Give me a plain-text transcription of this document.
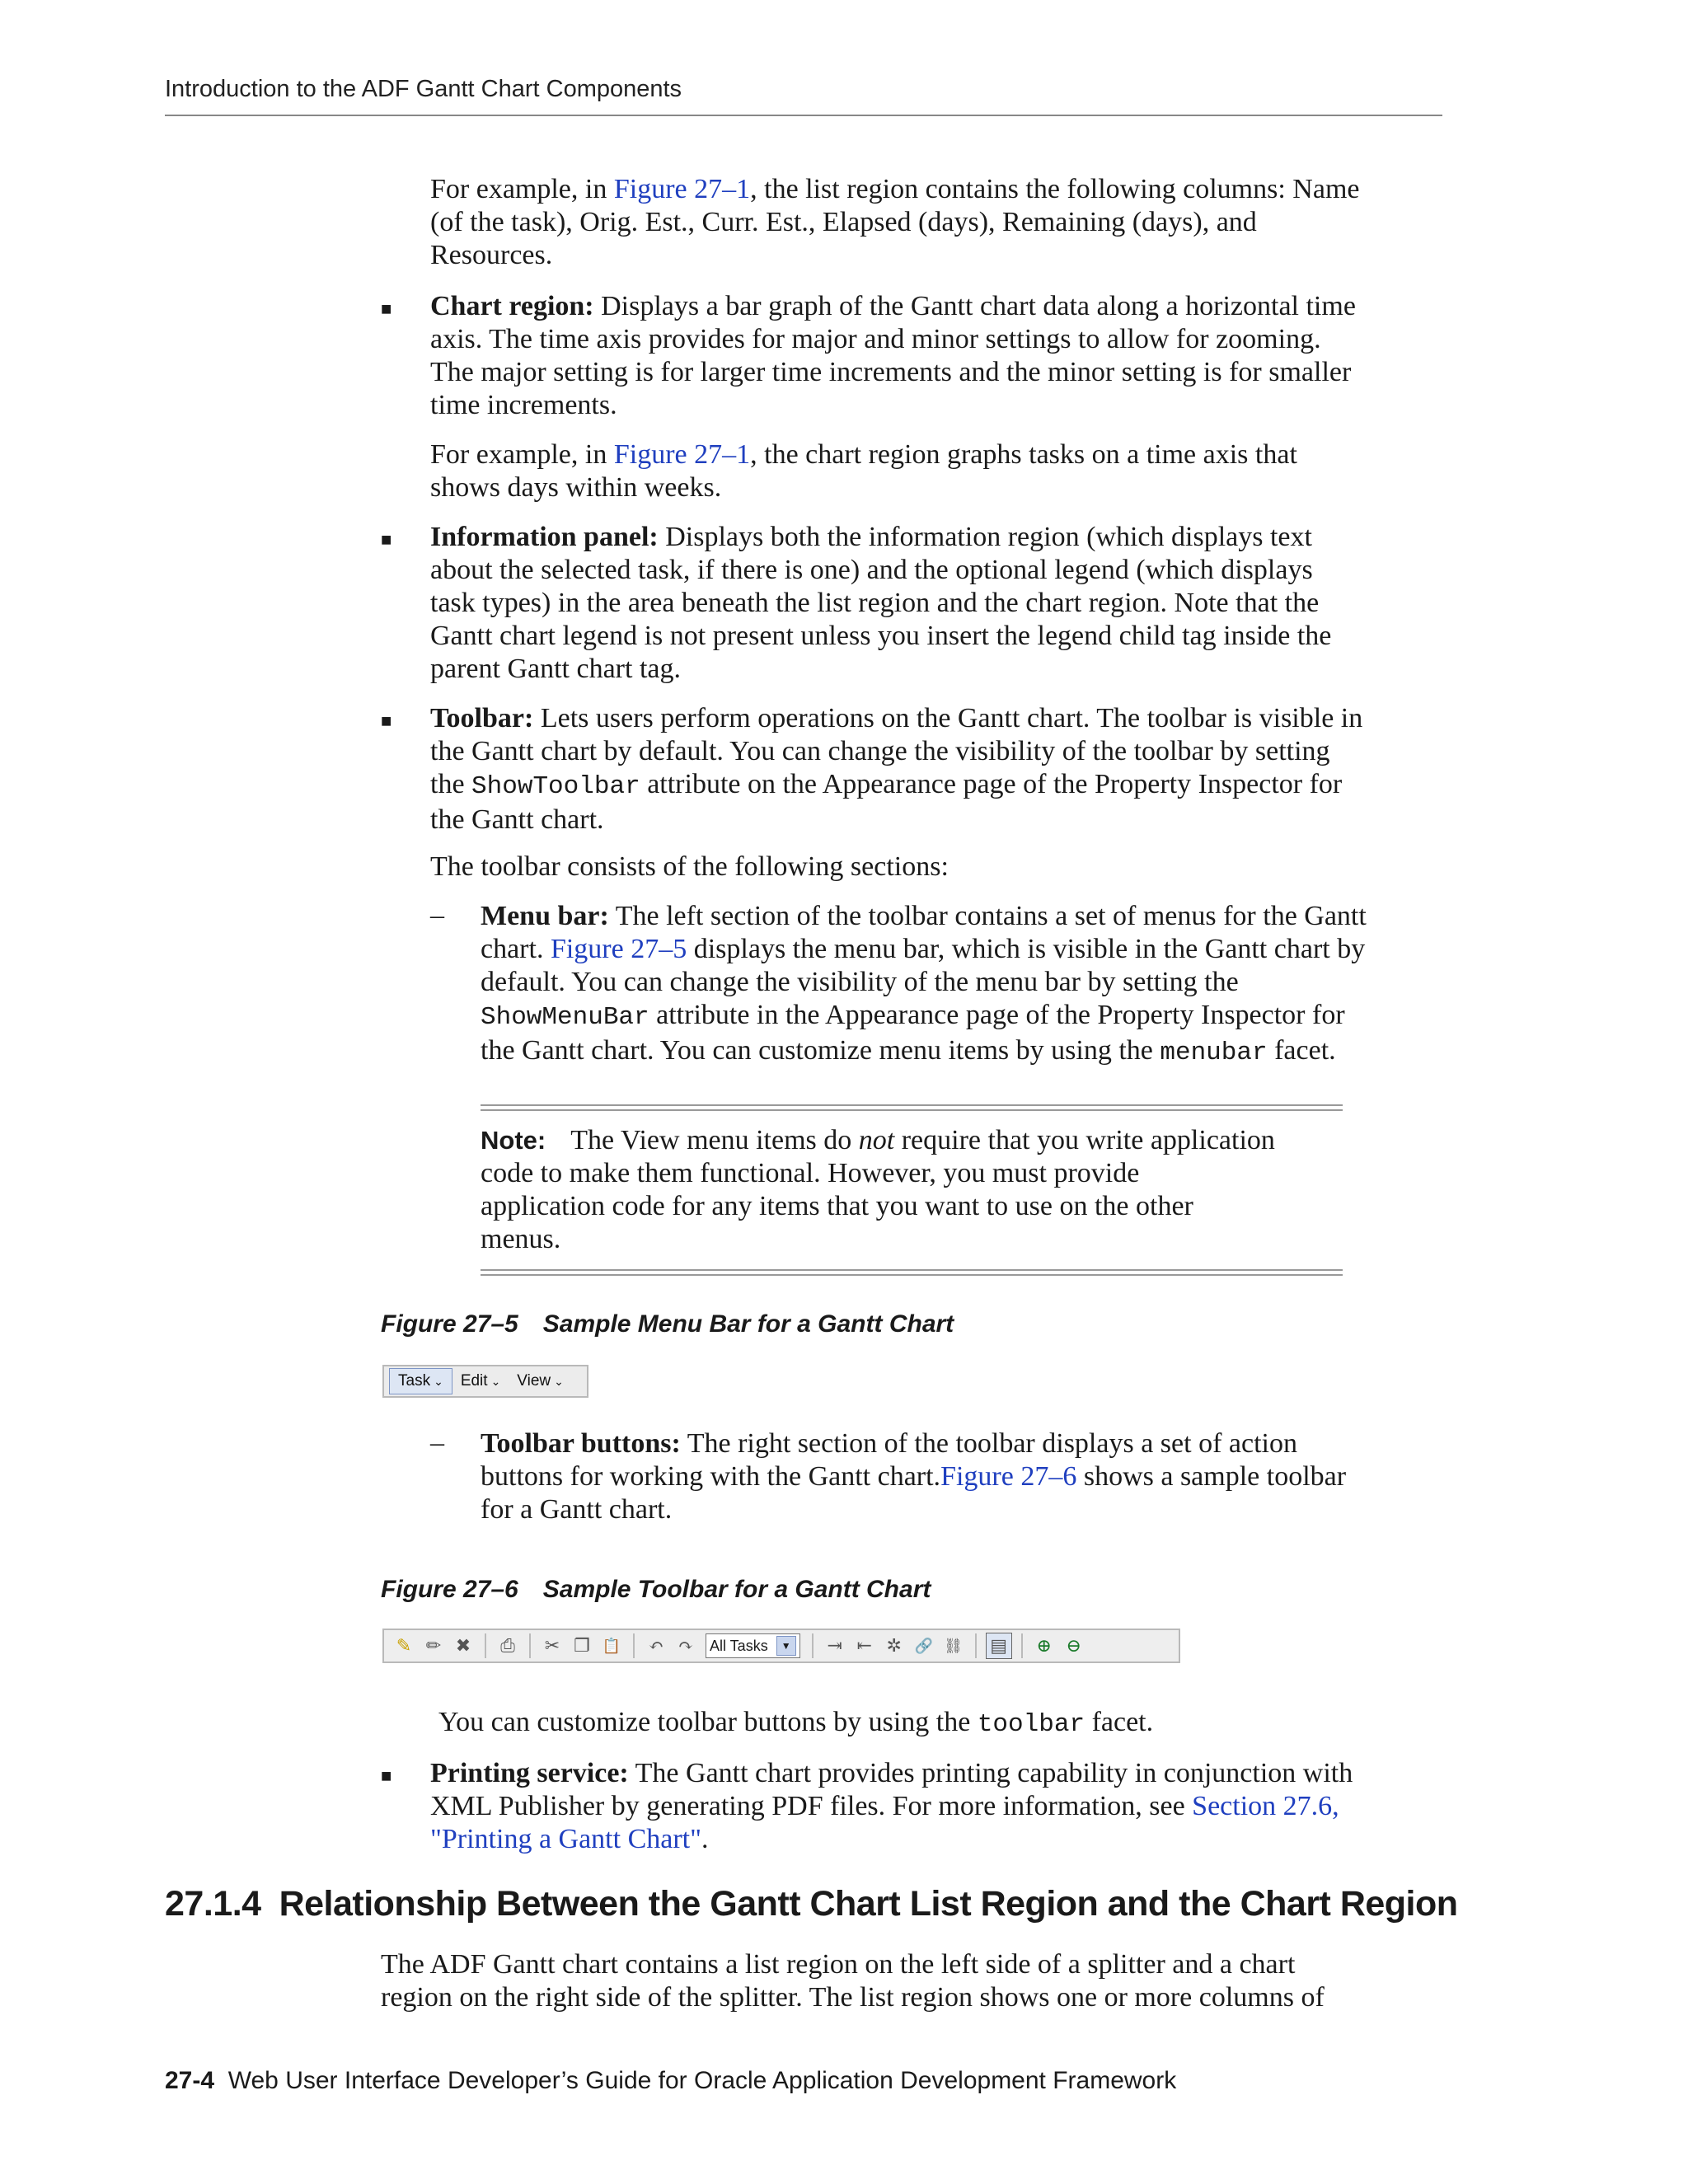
Introduction to the ADF Gantt Chart Components
For example, in Figure 27–1, the list region contains the following columns: Name
(of the task), Orig. Est., Curr. Est., Elapsed (days), Remaining (days), and
Resources.
■ Chart region: Displays a bar graph of the Gantt chart data along a horizontal time
axis. The time axis provides for major and minor settings to allow for zooming.
The major setting is for larger time increments and the minor setting is for smaller
time increments.
For example, in Figure 27–1, the chart region graphs tasks on a time axis that
shows days within weeks.
■ Information panel: Displays both the information region (which displays text
about the selected task, if there is one) and the optional legend (which displays
task types) in the area beneath the list region and the chart region. Note that the
Gantt chart legend is not present unless you insert the legend child tag inside the
parent Gantt chart tag.
■ Toolbar: Lets users perform operations on the Gantt chart. The toolbar is visible in
the Gantt chart by default. You can change the visibility of the toolbar by setting
the ShowToolbar attribute on the Appearance page of the Property Inspector for
the Gantt chart.
The toolbar consists of the following sections:
– Menu bar: The left section of the toolbar contains a set of menus for the Gantt
chart. Figure 27–5 displays the menu bar, which is visible in the Gantt chart by
default. You can change the visibility of the menu bar by setting the
ShowMenuBar attribute in the Appearance page of the Property Inspector for
the Gantt chart. You can customize menu items by using the menubar facet.
Note: The View menu items do not require that you write application
code to make them functional. However, you must provide
application code for any items that you want to use on the other
menus.
Figure 27–5 Sample Menu Bar for a Gantt Chart
Task ⌄ Edit ⌄ View ⌄
– Toolbar buttons: The right section of the toolbar displays a set of action
buttons for working with the Gantt chart.Figure 27–6 shows a sample toolbar
for a Gantt chart.
Figure 27–6 Sample Toolbar for a Gantt Chart
✎ ✏ ✖ ⎙ ✂ ❐ 📋 ↶ ↷	All Tasks	▼ ⇥ ⇤ ✲ 🔗 ⛓ ▤ ⊕ ⊖
You can customize toolbar buttons by using the toolbar facet.
■ Printing service: The Gantt chart provides printing capability in conjunction with
XML Publisher by generating PDF files. For more information, see Section 27.6,
"Printing a Gantt Chart".
27.1.4 Relationship Between the Gantt Chart List Region and the Chart Region
The ADF Gantt chart contains a list region on the left side of a splitter and a chart
region on the right side of the splitter. The list region shows one or more columns of
27-4 Web User Interface Developer’s Guide for Oracle Application Development Framework
